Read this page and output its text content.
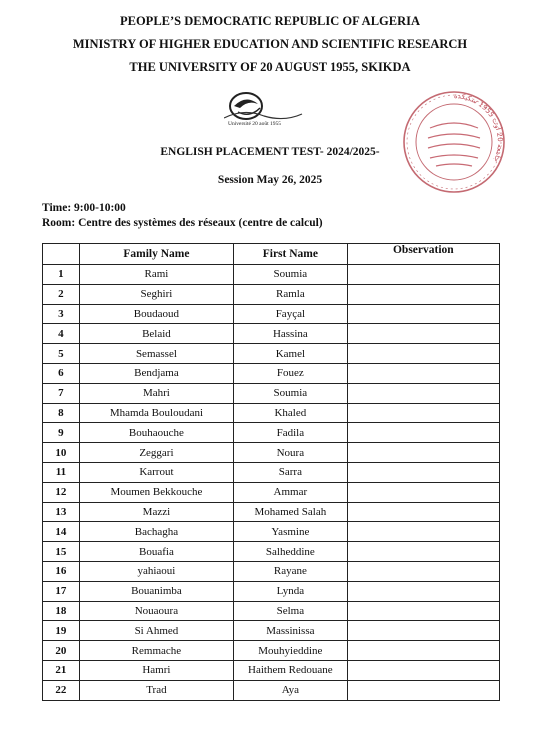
PEOPLE’S DEMOCRATIC REPUBLIC OF ALGERIA
MINISTRY OF HIGHER EDUCATION AND SCIENTIFIC RESEARCH
THE UNIVERSITY OF 20 AUGUST 1955, SKIKDA
Université 20 août 1955
جامعة 20 أوت 1955 سكيكدة
ENGLISH PLACEMENT TEST- 2024/2025-
Session May 26, 2025
Time: 9:00-10:00
Room: Centre des systèmes des réseaux (centre de calcul)
	Family Name	First Name	Observation
1	Rami	Soumia	
2	Seghiri	Ramla	
3	Boudaoud	Fayçal	
4	Belaid	Hassina	
5	Semassel	Kamel	
6	Bendjama	Fouez	
7	Mahri	Soumia	
8	Mhamda Bouloudani	Khaled	
9	Bouhaouche	Fadila	
10	Zeggari	Noura	
11	Karrout	Sarra	
12	Moumen Bekkouche	Ammar	
13	Mazzi	Mohamed Salah	
14	Bachagha	Yasmine	
15	Bouafia	Salheddine	
16	yahiaoui	Rayane	
17	Bouanimba	Lynda	
18	Nouaoura	Selma	
19	Si Ahmed	Massinissa	
20	Remmache	Mouhyieddine	
21	Hamri	Haithem Redouane	
22	Trad	Aya	
